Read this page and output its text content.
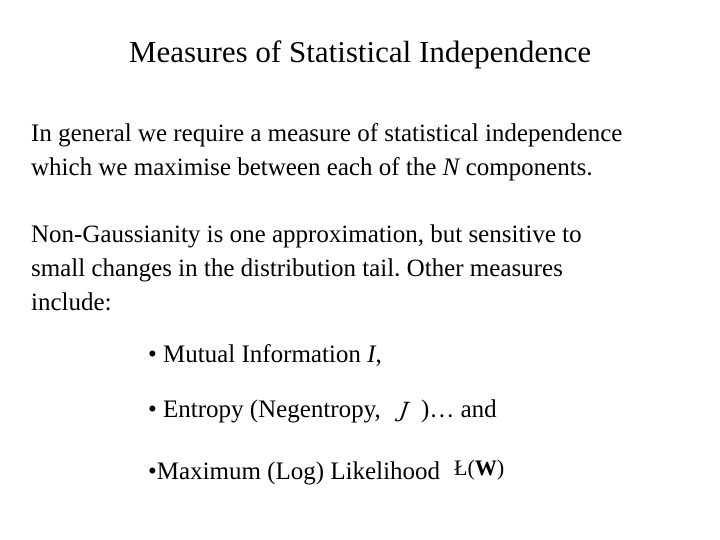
Measures of Statistical Independence
In general we require a measure of statistical independence
which we maximise between each of the N components.
Non-Gaussianity is one approximation, but sensitive to
small changes in the distribution tail. Other measures
include:
• Mutual Information I,
• Entropy (Negentropy, J )… and
•Maximum (Log) Likelihood Ł(W)
